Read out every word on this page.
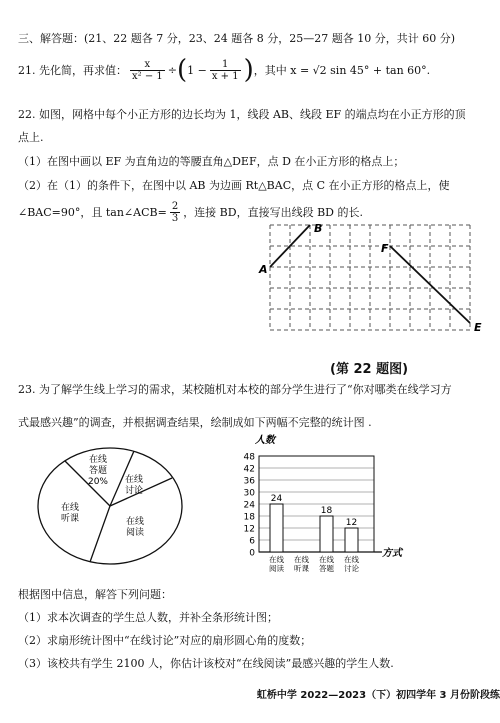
三、解答题：(21、22 题各 7 分，23、24 题各 8 分，25—27 题各 10 分，共计 60 分)
21. 先化简，再求值： $\frac{x}{\text{x² − 1}}$ ÷ ( $1 - \frac{1}{x + 1}$ ) ，其中 x = √2 sin 45° + tan 60°.
22. 如图，网格中每个小正方形的边长均为 1，线段 AB、线段 EF 的端点均在小正方形的顶
点上.
（1）在图中画以 EF 为直角边的等腰直角△DEF，点 D 在小正方形的格点上；
（2）在（1）的条件下，在图中以 AB 为边画 Rt△BAC，点 C 在小正方形的格点上，使
∠BAC=90°，且 tan∠ACB= $\frac{2}{3}$ ，连接 BD，直接写出线段 BD 的长.
A
B
F
E
(第 22 题图)
23. 为了解学生线上学习的需求，某校随机对本校的部分学生进行了“你对哪类在线学习方
式最感兴趣”的调查，并根据调查结果，绘制成如下两幅不完整的统计图 .
在线
答题
20% 在线
讨论
在线
听课	在线
阅读
人数
0
6
12
18
24
30
36
42
48
24
18
12
在线
阅读
在线
听课
在线
答题
在线
讨论
方式
根据图中信息，解答下列问题：
（1）求本次调查的学生总人数，并补全条形统计图；
（2）求扇形统计图中“在线讨论”对应的扇形圆心角的度数；
（3）该校共有学生 2100 人，你估计该校对“在线阅读”最感兴趣的学生人数.
虹桥中学 2022—2023（下）初四学年 3 月份阶段练
